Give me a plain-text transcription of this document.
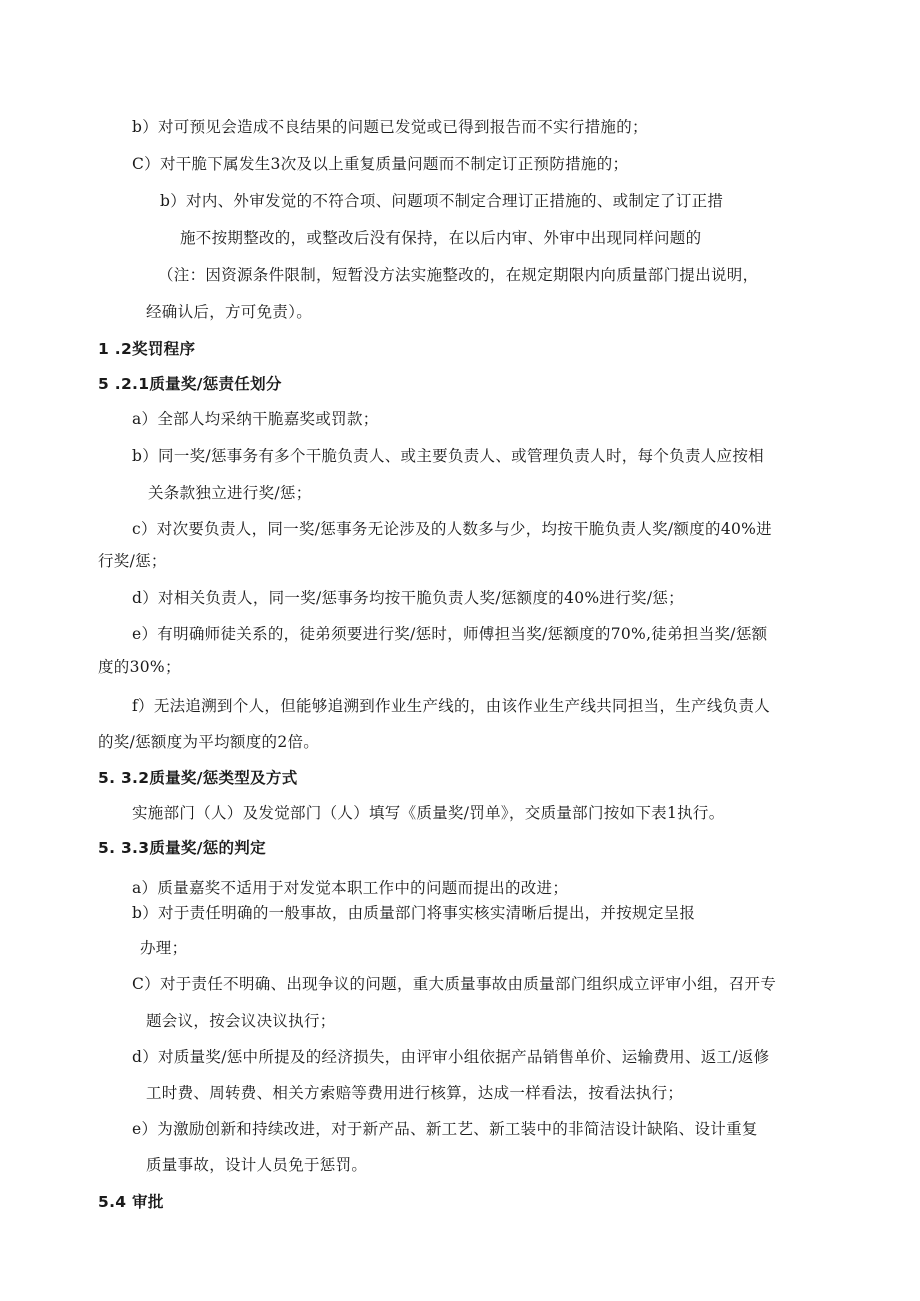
b）对可预见会造成不良结果的问题已发觉或已得到报告而不实行措施的；
C）对干脆下属发生3次及以上重复质量问题而不制定订正预防措施的；
b）对内、外审发觉的不符合项、问题项不制定合理订正措施的、或制定了订正措
施不按期整改的，或整改后没有保持，在以后内审、外审中出现同样问题的
（注：因资源条件限制，短暂没方法实施整改的，在规定期限内向质量部门提出说明，
经确认后，方可免责）。
1 .2奖罚程序
5 .2.1质量奖/惩责任划分
a）全部人均采纳干脆嘉奖或罚款；
b）同一奖/惩事务有多个干脆负责人、或主要负责人、或管理负责人时，每个负责人应按相
关条款独立进行奖/惩；
c）对次要负责人，同一奖/惩事务无论涉及的人数多与少，均按干脆负责人奖/额度的40%进
行奖/惩；
d）对相关负责人，同一奖/惩事务均按干脆负责人奖/惩额度的40%进行奖/惩；
e）有明确师徒关系的，徒弟须要进行奖/惩时，师傅担当奖/惩额度的70%,徒弟担当奖/惩额
度的30%；
f）无法追溯到个人，但能够追溯到作业生产线的，由该作业生产线共同担当，生产线负责人
的奖/惩额度为平均额度的2倍。
5. 3.2质量奖/惩类型及方式
实施部门（人）及发觉部门（人）填写《质量奖/罚单》，交质量部门按如下表1执行。
5. 3.3质量奖/惩的判定
a）质量嘉奖不适用于对发觉本职工作中的问题而提出的改进；
b）对于责任明确的一般事故，由质量部门将事实核实清晰后提出，并按规定呈报
办理；
C）对于责任不明确、出现争议的问题，重大质量事故由质量部门组织成立评审小组，召开专
题会议，按会议决议执行；
d）对质量奖/惩中所提及的经济损失，由评审小组依据产品销售单价、运输费用、返工/返修
工时费、周转费、相关方索赔等费用进行核算，达成一样看法，按看法执行；
e）为激励创新和持续改进，对于新产品、新工艺、新工装中的非简洁设计缺陷、设计重复
质量事故，设计人员免于惩罚。
5.4 审批
